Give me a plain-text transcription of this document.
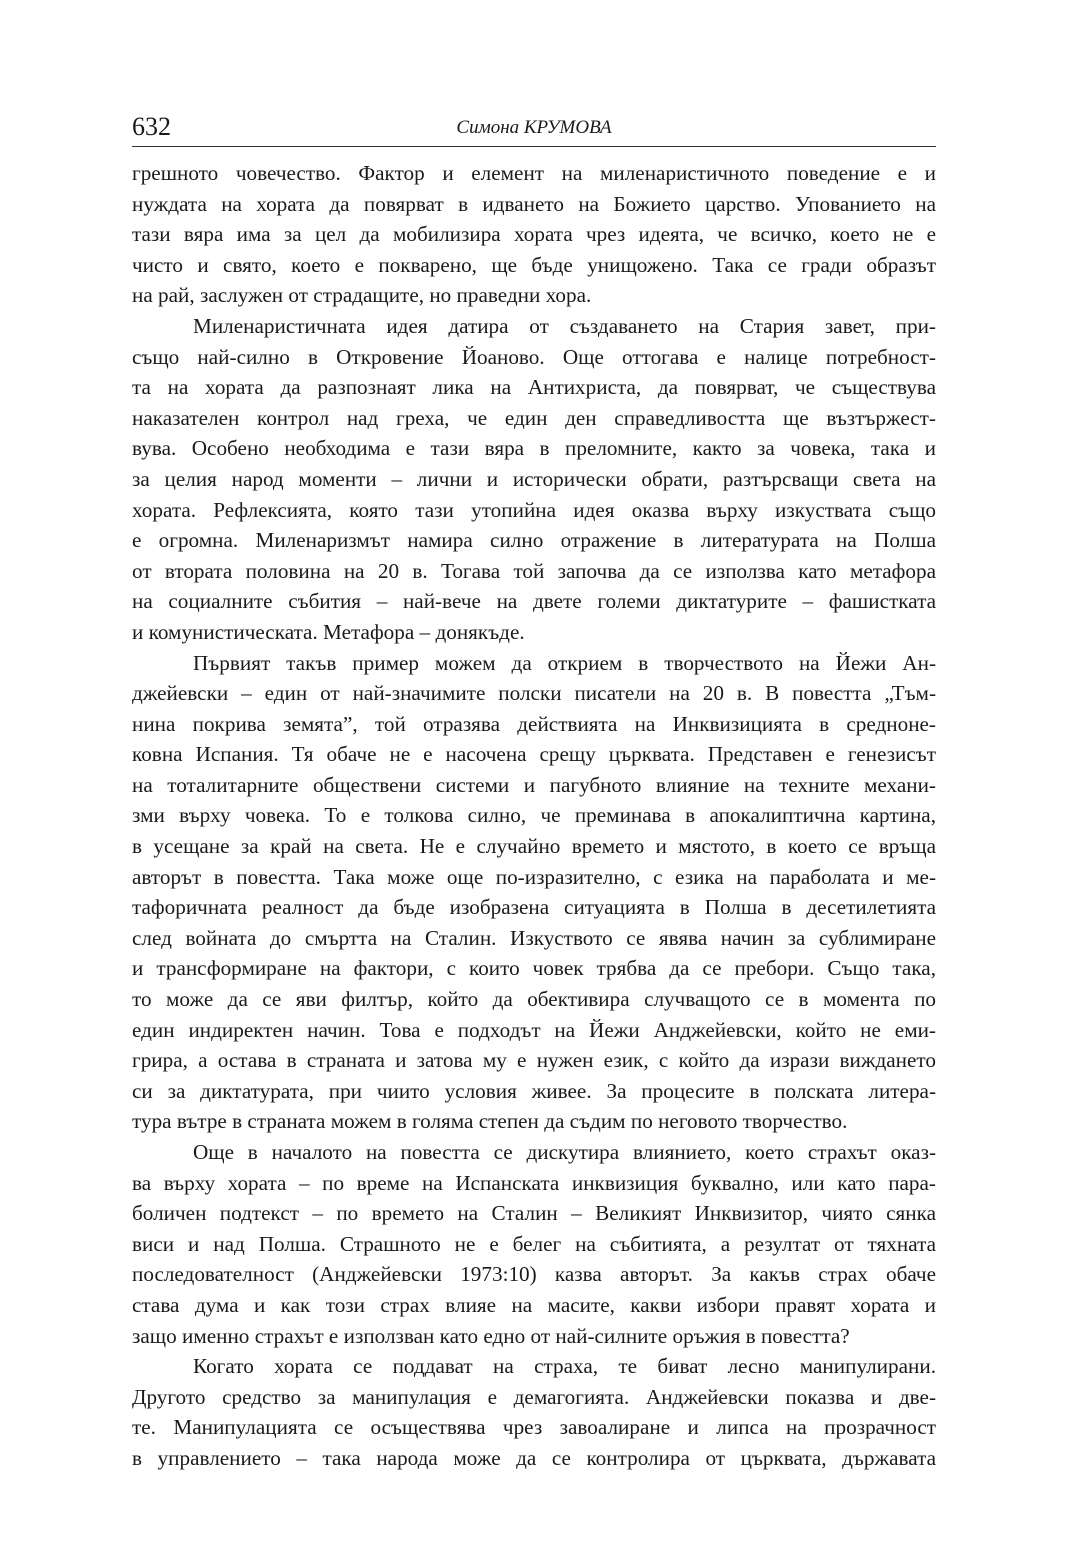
632	Симона КРУМОВА
грешното човечество. Фактор и елемент на миленаристичното поведение е и
нуждата на хората да повярват в идването на Божието царство. Упованието на
тази вяра има за цел да мобилизира хората чрез идеята, че всичко, което не е
чисто и свято, което е покварено, ще бъде унищожено. Така се гради образът
на рай, заслужен от страдащите, но праведни хора.
Миленаристичната идея датира от създаването на Стария завет, при-
също най-силно в Откровение Йоаново. Още оттогава е налице потребност-
та на хората да разпознаят лика на Антихриста, да повярват, че съществува
наказателен контрол над греха, че един ден справедливостта ще възтържест-
вува. Особено необходима е тази вяра в преломните, както за човека, така и
за целия народ моменти – лични и исторически обрати, разтърсващи света на
хората. Рефлексията, която тази утопийна идея оказва върху изкуствата също
е огромна. Миленаризмът намира силно отражение в литературата на Полша
от втората половина на 20 в. Тогава той започва да се използва като метафора
на социалните събития – най-вече на двете големи диктатурите – фашистката
и комунистическата. Метафора – донякъде.
Първият такъв пример можем да открием в творчеството на Йежи Ан-
джейевски – един от най-значимите полски писатели на 20 в. В повестта „Тъм-
нина покрива земята”, той отразява действията на Инквизицията в средноне-
ковна Испания. Тя обаче не е насочена срещу църквата. Представен е генезисът
на тоталитарните обществени системи и пагубното влияние на техните механи-
зми върху човека. То е толкова силно, че преминава в апокалиптична картина,
в усещане за край на света. Не е случайно времето и мястото, в което се връща
авторът в повестта. Така може още по-изразително, с езика на параболата и ме-
тафоричната реалност да бъде изобразена ситуацията в Полша в десетилетията
след войната до смъртта на Сталин. Изкуството се явява начин за сублимиране
и трансформиране на фактори, с които човек трябва да се пребори. Също така,
то може да се яви филтър, който да обективира случващото се в момента по
един индиректен начин. Това е подходът на Йежи Анджейевски, който не еми-
грира, а остава в страната и затова му е нужен език, с който да изрази виждането
си за диктатурата, при чиито условия живее. За процесите в полската литера-
тура вътре в страната можем в голяма степен да съдим по неговото творчество.
Още в началото на повестта се дискутира влиянието, което страхът оказ-
ва върху хората – по време на Испанската инквизиция буквално, или като пара-
боличен подтекст – по времето на Сталин – Великият Инквизитор, чиято сянка
виси и над Полша. Страшното не е белег на събитията, а резултат от тяхната
последователност (Анджейевски 1973:10) казва авторът. За какъв страх обаче
става дума и как този страх влияе на масите, какви избори правят хората и
защо именно страхът е използван като едно от най-силните оръжия в повестта?
Когато хората се поддават на страха, те биват лесно манипулирани.
Другото средство за манипулация е демагогията. Анджейевски показва и две-
те. Манипулацията се осъществява чрез завоалиране и липса на прозрачност
в управлението – така народа може да се контролира от църквата, държавата
